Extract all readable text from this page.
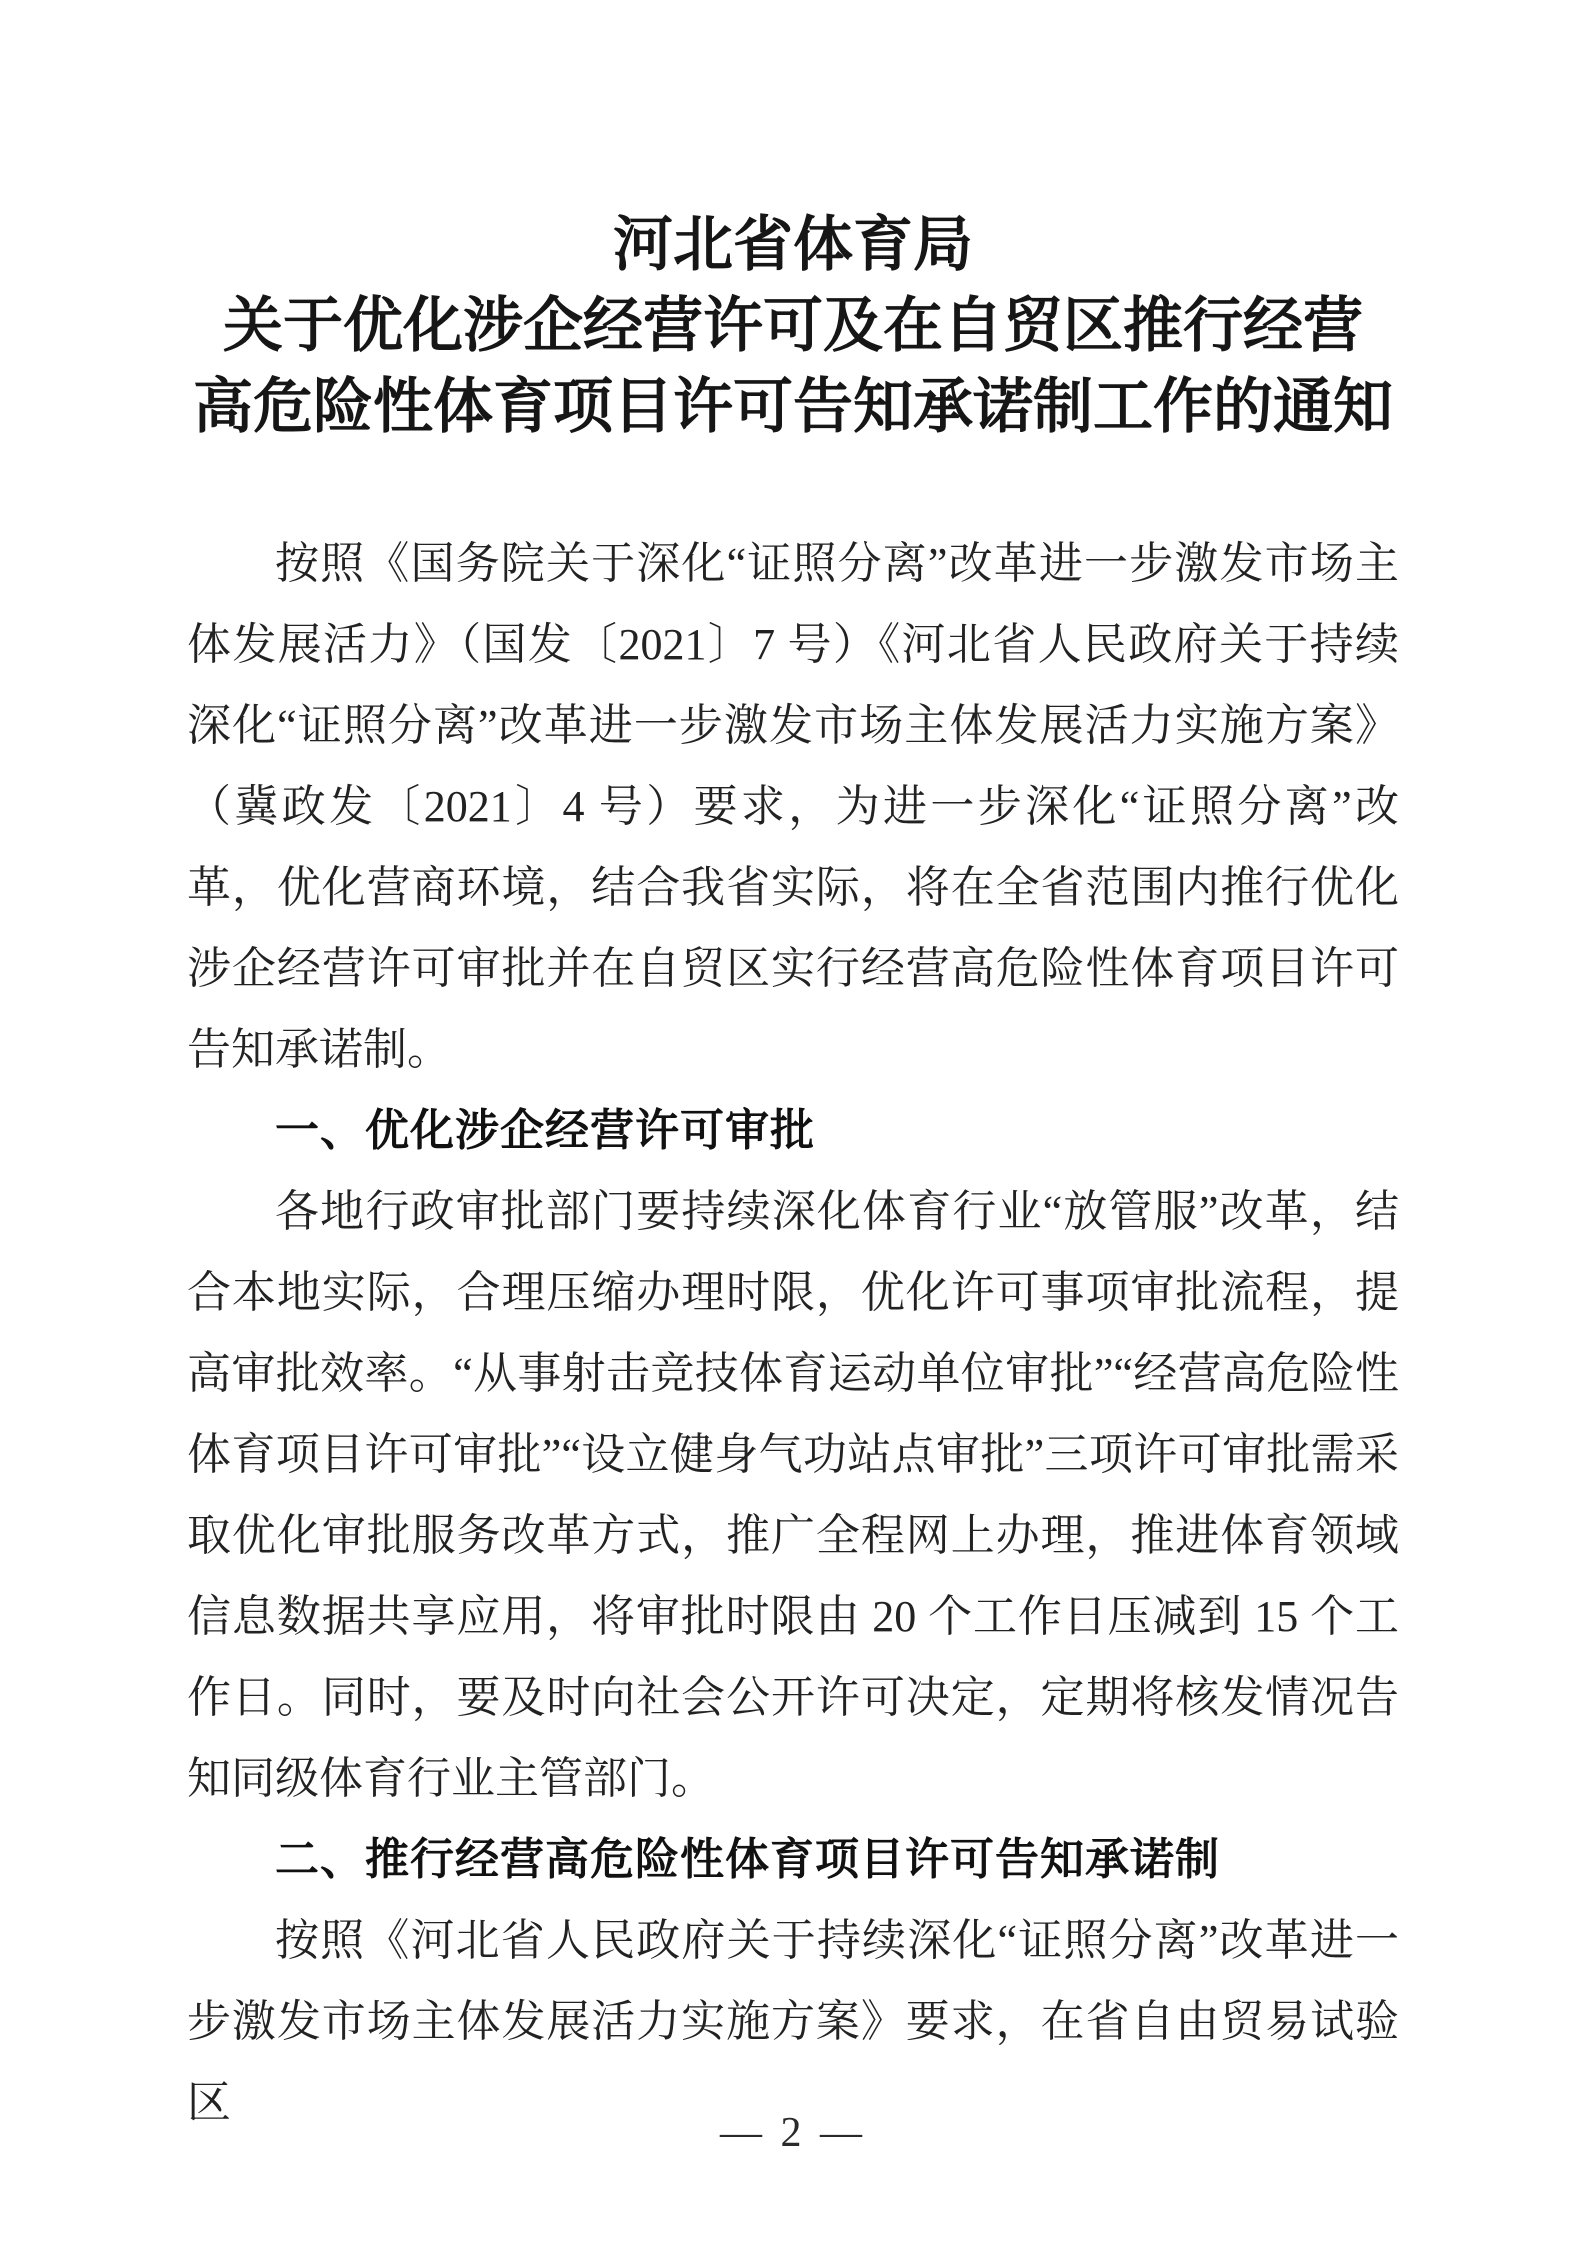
河北省体育局
关于优化涉企经营许可及在自贸区推行经营
高危险性体育项目许可告知承诺制工作的通知

按照《国务院关于深化“证照分离”改革进一步激发市场主体发展活力》（国发〔2021〕7 号）《河北省人民政府关于持续深化“证照分离”改革进一步激发市场主体发展活力实施方案》（冀政发〔2021〕4 号）要求，为进一步深化“证照分离”改革，优化营商环境，结合我省实际，将在全省范围内推行优化涉企经营许可审批并在自贸区实行经营高危险性体育项目许可告知承诺制。

一、优化涉企经营许可审批

各地行政审批部门要持续深化体育行业“放管服”改革，结合本地实际，合理压缩办理时限，优化许可事项审批流程，提高审批效率。“从事射击竞技体育运动单位审批”“经营高危险性体育项目许可审批”“设立健身气功站点审批”三项许可审批需采取优化审批服务改革方式，推广全程网上办理，推进体育领域信息数据共享应用，将审批时限由 20 个工作日压减到 15 个工作日。同时，要及时向社会公开许可决定，定期将核发情况告知同级体育行业主管部门。

二、推行经营高危险性体育项目许可告知承诺制

按照《河北省人民政府关于持续深化“证照分离”改革进一步激发市场主体发展活力实施方案》要求，在省自由贸易试验区

— 2 —
